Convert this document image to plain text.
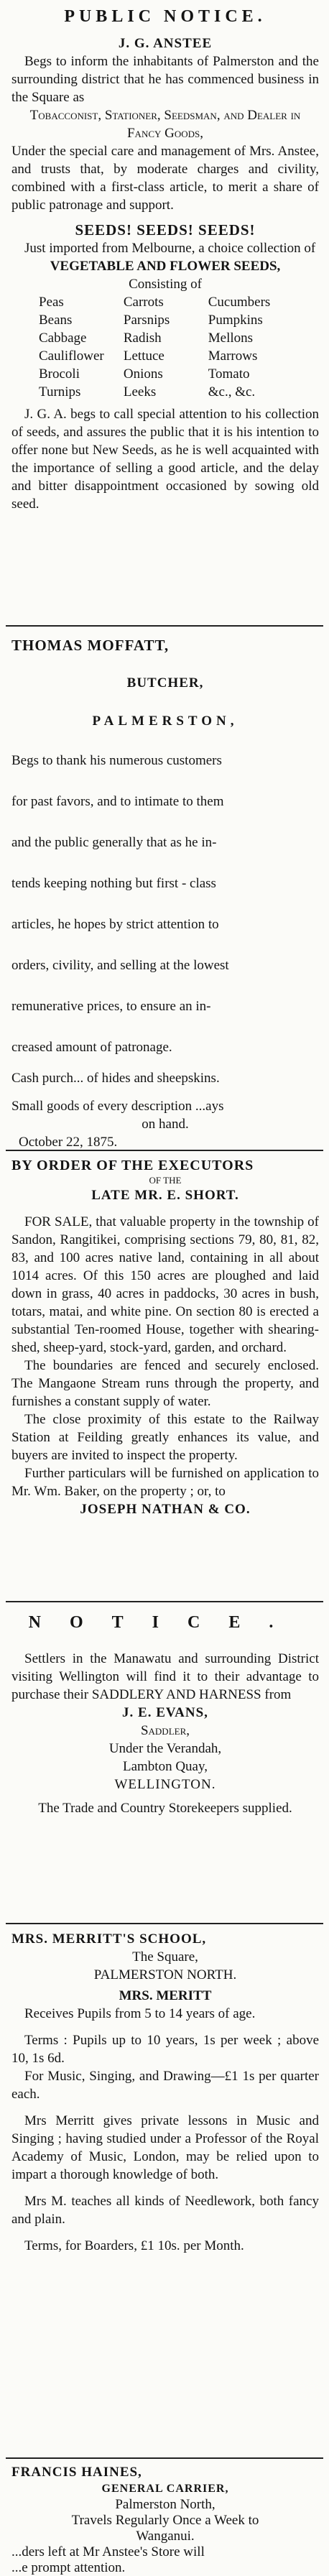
PUBLIC NOTICE.
J. G. ANSTEE

Begs to inform the inhabitants of Palmerston and the surrounding district that he has commenced business in the Square as

Tobacconist, Stationer, Seedsman, and Dealer in Fancy Goods,

Under the special care and management of Mrs. Anstee, and trusts that, by moderate charges and civility, combined with a first-class article, to merit a share of public patronage and support.

SEEDS! SEEDS! SEEDS!

Just imported from Melbourne, a choice collection of

VEGETABLE AND FLOWER SEEDS,
Consisting of
Peas	Carrots	Cucumbers
Beans	Parsnips	Pumpkins
Cabbage	Radish	Mellons
Cauliflower	Lettuce	Marrows
Brocoli	Onions	Tomato
Turnips	Leeks	&c., &c.

J. G. A. begs to call special attention to his collection of seeds, and assures the public that it is his intention to offer none but New Seeds, as he is well acquainted with the importance of selling a good article, and the delay and bitter disappointment occasioned by sowing old seed.

THOMAS MOFFATT,
BUTCHER,
PALMERSTON,

Begs to thank his numerous customers

for past favors, and to intimate to them

and the public generally that as he in-

tends keeping nothing but first - class

articles, he hopes by strict attention to

orders, civility, and selling at the lowest

remunerative prices, to ensure an in-

creased amount of patronage.

Cash purch... of hides and sheepskins.

Small goods of every description ...ays

on hand.

October 22, 1875.

BY ORDER OF THE EXECUTORS
OF THE
LATE MR. E. SHORT.

FOR SALE, that valuable property in the township of Sandon, Rangitikei, comprising sections 79, 80, 81, 82, 83, and 100 acres native land, containing in all about 1014 acres. Of this 150 acres are ploughed and laid down in grass, 40 acres in paddocks, 30 acres in bush, totars, matai, and white pine. On section 80 is erected a substantial Ten-roomed House, together with shearing-shed, sheep-yard, stock-yard, garden, and orchard.

The boundaries are fenced and securely enclosed. The Mangaone Stream runs through the property, and furnishes a constant supply of water.

The close proximity of this estate to the Railway Station at Feilding greatly enhances its value, and buyers are invited to inspect the property.

Further particulars will be furnished on application to Mr. Wm. Baker, on the property ; or, to

JOSEPH NATHAN & CO.
NOTICE.

Settlers in the Manawatu and surrounding District visiting Wellington will find it to their advantage to purchase their SADDLERY AND HARNESS from

J. E. EVANS,
Saddler,
Under the Verandah,
Lambton Quay,
WELLINGTON.

The Trade and Country Storekeepers supplied.

MRS. MERRITT'S SCHOOL,
The Square,
PALMERSTON NORTH.
MRS. MERITT

Receives Pupils from 5 to 14 years of age.

Terms : Pupils up to 10 years, 1s per week ; above 10, 1s 6d.

For Music, Singing, and Drawing—£1 1s per quarter each.

Mrs Merritt gives private lessons in Music and Singing ; having studied under a Professor of the Royal Academy of Music, London, may be relied upon to impart a thorough knowledge of both.

Mrs M. teaches all kinds of Needlework, both fancy and plain.

Terms, for Boarders, £1 10s. per Month.

FRANCIS HAINES,
GENERAL CARRIER,
Palmerston North,
Travels Regularly Once a Week to
Wanganui.
...ders left at Mr Anstee's Store will
...e prompt attention.
